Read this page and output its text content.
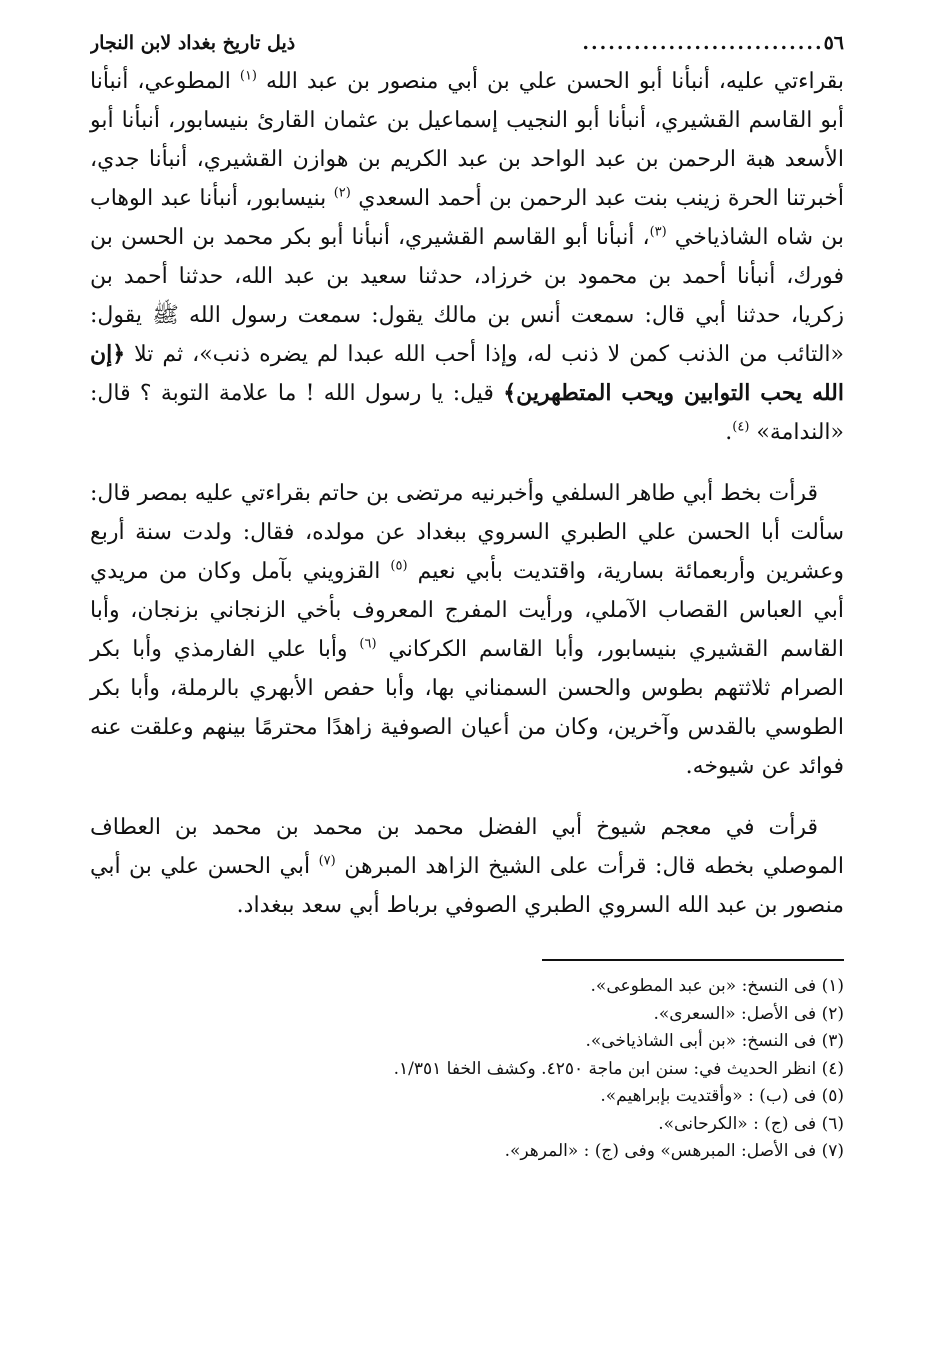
٥٦
............................
ذيل تاريخ بغداد لابن النجار

بقراءتي عليه، أنبأنا أبو الحسن علي بن أبي منصور بن عبد الله $^{(١)}$ المطوعي، أنبأنا أبو القاسم القشيري، أنبأنا أبو النجيب إسماعيل بن عثمان القارئ بنيسابور، أنبأنا أبو الأسعد هبة الرحمن بن عبد الواحد بن عبد الكريم بن هوازن القشيري، أنبأنا جدي، أخبرتنا الحرة زينب بنت عبد الرحمن بن أحمد السعدي $^{(٢)}$ بنيسابور، أنبأنا عبد الوهاب بن شاه الشاذياخي $^{(٣)}$، أنبأنا أبو القاسم القشيري، أنبأنا أبو بكر محمد بن الحسن بن فورك، أنبأنا أحمد بن محمود بن خرزاد، حدثنا سعيد بن عبد الله، حدثنا أحمد بن زكريا، حدثنا أبي قال: سمعت أنس بن مالك يقول: سمعت رسول الله ﷺ يقول: «التائب من الذنب كمن لا ذنب له، وإذا أحب الله عبدا لم يضره ذنب»، ثم تلا ﴿إن الله يحب التوابين ويحب المتطهرين﴾ قيل: يا رسول الله ! ما علامة التوبة ؟ قال: «الندامة» $^{(٤)}$.

قرأت بخط أبي طاهر السلفي وأخبرنيه مرتضى بن حاتم بقراءتي عليه بمصر قال: سألت أبا الحسن علي الطبري السروي ببغداد عن مولده، فقال: ولدت سنة أربع وعشرين وأربعمائة بسارية، واقتديت بأبي نعيم $^{(٥)}$ القزويني بآمل وكان من مريدي أبي العباس القصاب الآملي، ورأيت المفرج المعروف بأخي الزنجاني بزنجان، وأبا القاسم القشيري بنيسابور، وأبا القاسم الكركاني $^{(٦)}$ وأبا علي الفارمذي وأبا بكر الصرام ثلاثتهم بطوس والحسن السمناني بها، وأبا حفص الأبهري بالرملة، وأبا بكر الطوسي بالقدس وآخرين، وكان من أعيان الصوفية زاهدًا محترمًا بينهم وعلقت عنه فوائد عن شيوخه.

قرأت في معجم شيوخ أبي الفضل محمد بن محمد بن محمد بن العطاف الموصلي بخطه قال: قرأت على الشيخ الزاهد المبرهن $^{(٧)}$ أبي الحسن علي بن أبي منصور بن عبد الله السروي الطبري الصوفي برباط أبي سعد ببغداد.

(١) فى النسخ: «بن عبد المطوعى».
(٢) فى الأصل: «السعرى».
(٣) فى النسخ: «بن أبى الشاذياخى».
(٤) انظر الحديث في: سنن ابن ماجة ٤٢٥٠. وكشف الخفا ١/٣٥١.
(٥) فى (ب) : «وأقتديت بإبراهيم».
(٦) فى (ج) : «الكرحانى».
(٧) فى الأصل: المبرهس» وفى (ج) : «المرهر».
